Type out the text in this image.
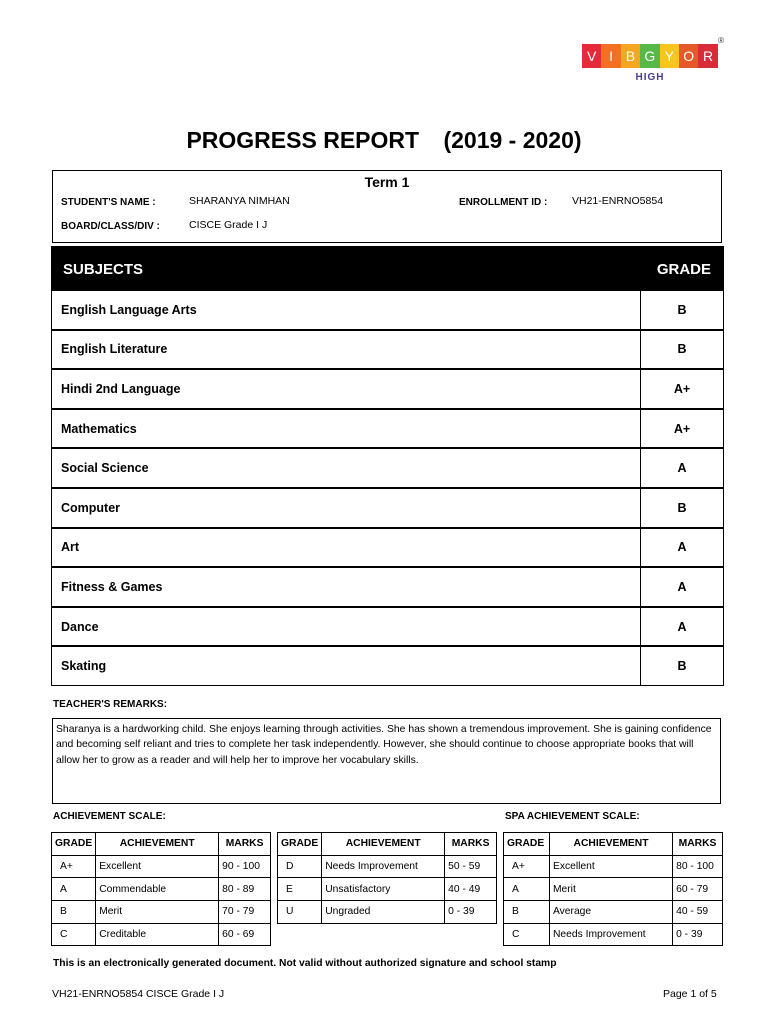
V I B G Y O R
HIGH
®
PROGRESS REPORT (2019 - 2020)
Term 1
STUDENT'S NAME :	SHARANYA NIMHAN	ENROLLMENT ID : VH21-ENRNO5854
BOARD/CLASS/DIV :	CISCE Grade I J
SUBJECTS	GRADE
English Language Arts	B
English Literature	B
Hindi 2nd Language	A+
Mathematics	A+
Social Science	A
Computer	B
Art	A
Fitness & Games	A
Dance	A
Skating	B
TEACHER'S REMARKS:
Sharanya is a hardworking child. She enjoys learning through activities. She has shown a tremendous improvement. She is gaining confidence and becoming self reliant and tries to complete her task independently. However, she should continue to choose appropriate books that will allow her to grow as a reader and will help her to improve her vocabulary skills.
ACHIEVEMENT SCALE:	SPA ACHIEVEMENT SCALE:
GRADE	ACHIEVEMENT	MARKS
A+	Excellent	90 - 100
A	Commendable	80 - 89
B	Merit	70 - 79
C	Creditable	60 - 69
GRADE	ACHIEVEMENT	MARKS
D	Needs Improvement	50 - 59
E	Unsatisfactory	40 - 49
U	Ungraded	0 - 39
GRADE	ACHIEVEMENT	MARKS
A+	Excellent	80 - 100
A	Merit	60 - 79
B	Average	40 - 59
C	Needs Improvement	0 - 39
This is an electronically generated document. Not valid without authorized signature and school stamp
VH21-ENRNO5854 CISCE Grade I J	Page 1 of 5
